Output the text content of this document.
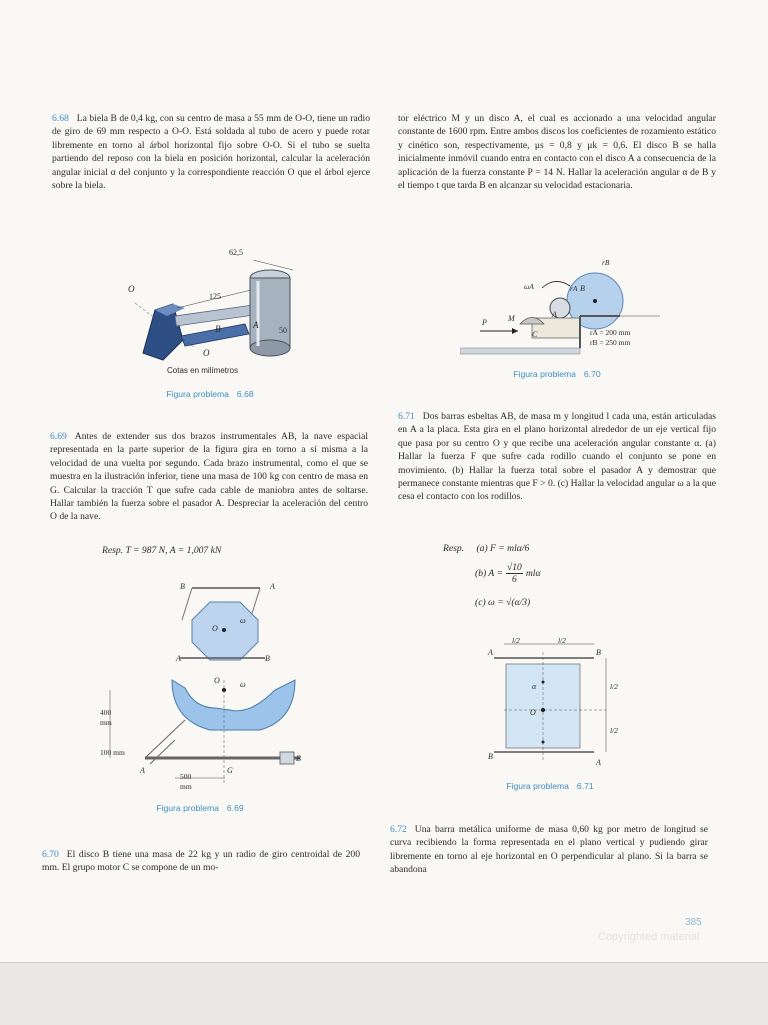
6.68 La biela B de 0,4 kg, con su centro de masa a 55 mm de O-O, tiene un radio de giro de 69 mm respecto a O-O. Está soldada al tubo de acero y puede rotar libremente en torno al árbol horizontal fijo sobre O-O. Si el tubo se suelta partiendo del reposo con la biela en posición horizontal, calcular la aceleración angular inicial α del conjunto y la correspondiente reacción O que el árbol ejerce sobre la biela.

62,5
125
50
O
O
A
B
Cotas en milímetros
Figura problema 6.68

6.69 Antes de extender sus dos brazos instrumentales AB, la nave espacial representada en la parte superior de la figura gira en torno a sí misma a la velocidad de una vuelta por segundo. Cada brazo instrumental, como el que se muestra en la ilustración inferior, tiene una masa de 100 kg con centro de masa en G. Calcular la tracción T que sufre cada cable de maniobra antes de soltarse. Hallar también la fuerza sobre el pasador A. Despreciar la aceleración del centro O de la nave.

Resp. T = 987 N, A = 1,007 kN
B	A
O
ω
A	B
O	ω
400
mm
100 mm
A	G
B
500
mm
Figura problema 6.69

6.70 El disco B tiene una masa de 22 kg y un radio de giro centroidal de 200 mm. El grupo motor C se compone de un mo-

tor eléctrico M y un disco A, el cual es accionado a una velocidad angular constante de 1600 rpm. Entre ambos discos los coeficientes de rozamiento estático y cinético son, respectivamente, μs = 0,8 y μk = 0,6. El disco B se halla inicialmente inmóvil cuando entra en contacto con el disco A a consecuencia de la aplicación de la fuerza constante P = 14 N. Hallar la aceleración angular α de B y el tiempo t que tarda B en alcanzar su velocidad estacionaria.

rB
ωA	rA B
A
M
C
P
rA = 200 mm
rB = 250 mm
Figura problema 6.70

6.71 Dos barras esbeltas AB, de masa m y longitud l cada una, están articuladas en A a la placa. Esta gira en el plano horizontal alrededor de un eje vertical fijo que pasa por su centro O y que recibe una aceleración angular constante α. (a) Hallar la fuerza F que sufre cada rodillo cuando el conjunto se pone en movimiento. (b) Hallar la fuerza total sobre el pasador A y demostrar que permanece constante mientras que F > 0. (c) Hallar la velocidad angular ω a la que cesa el contacto con los rodillos.

Resp. (a) F = mlα/6
(b) $A = \frac{√10}{6}$ mlα
(c) ω = √(α/3)
l/2	l/2
A	B
α
O
l/2
l/2
B
A
Figura problema 6.71

6.72 Una barra metálica uniforme de masa 0,60 kg por metro de longitud se curva recibiendo la forma representada en el plano vertical y pudiendo girar libremente en torno al eje horizontal en O perpendicular al plano. Si la barra se abandona

385
Copyrighted material
